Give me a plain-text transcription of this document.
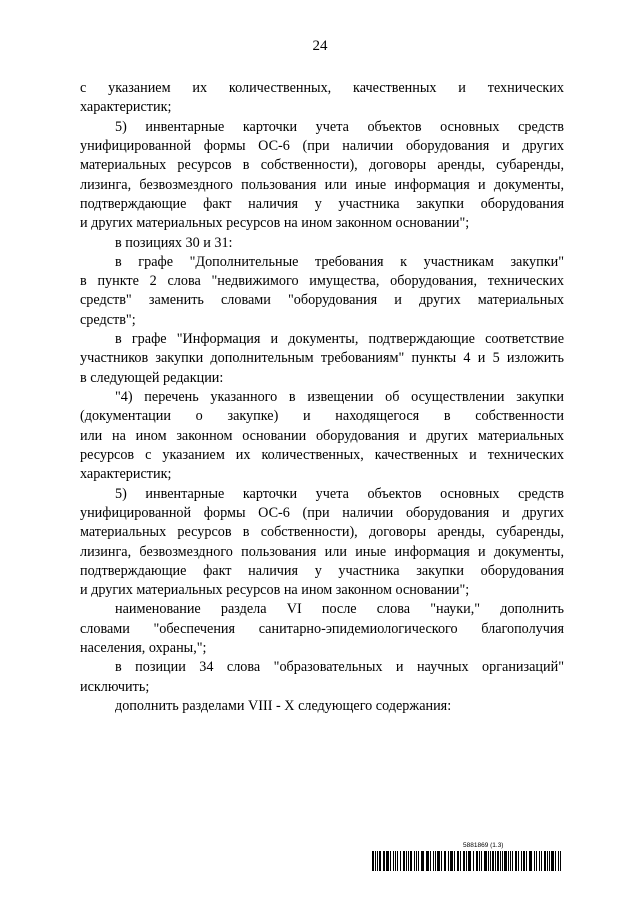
24
с указанием их количественных, качественных и технических
характеристик;
5) инвентарные карточки учета объектов основных средств
унифицированной формы ОС-6 (при наличии оборудования и других
материальных ресурсов в собственности), договоры аренды, субаренды,
лизинга, безвозмездного пользования или иные информация и документы,
подтверждающие факт наличия у участника закупки оборудования
и других материальных ресурсов на ином законном основании";
в позициях 30 и 31:
в графе "Дополнительные требования к участникам закупки"
в пункте 2 слова "недвижимого имущества, оборудования, технических
средств" заменить словами "оборудования и других материальных
средств";
в графе "Информация и документы, подтверждающие соответствие
участников закупки дополнительным требованиям" пункты 4 и 5 изложить
в следующей редакции:
"4) перечень указанного в извещении об осуществлении закупки
(документации о закупке) и находящегося в собственности
или на ином законном основании оборудования и других материальных
ресурсов с указанием их количественных, качественных и технических
характеристик;
5) инвентарные карточки учета объектов основных средств
унифицированной формы ОС-6 (при наличии оборудования и других
материальных ресурсов в собственности), договоры аренды, субаренды,
лизинга, безвозмездного пользования или иные информация и документы,
подтверждающие факт наличия у участника закупки оборудования
и других материальных ресурсов на ином законном основании";
наименование раздела VI после слова "науки," дополнить
словами "обеспечения санитарно-эпидемиологического благополучия
населения, охраны,";
в позиции 34 слова "образовательных и научных организаций"
исключить;
дополнить разделами VIII - X следующего содержания:
5881869 (1.3)
